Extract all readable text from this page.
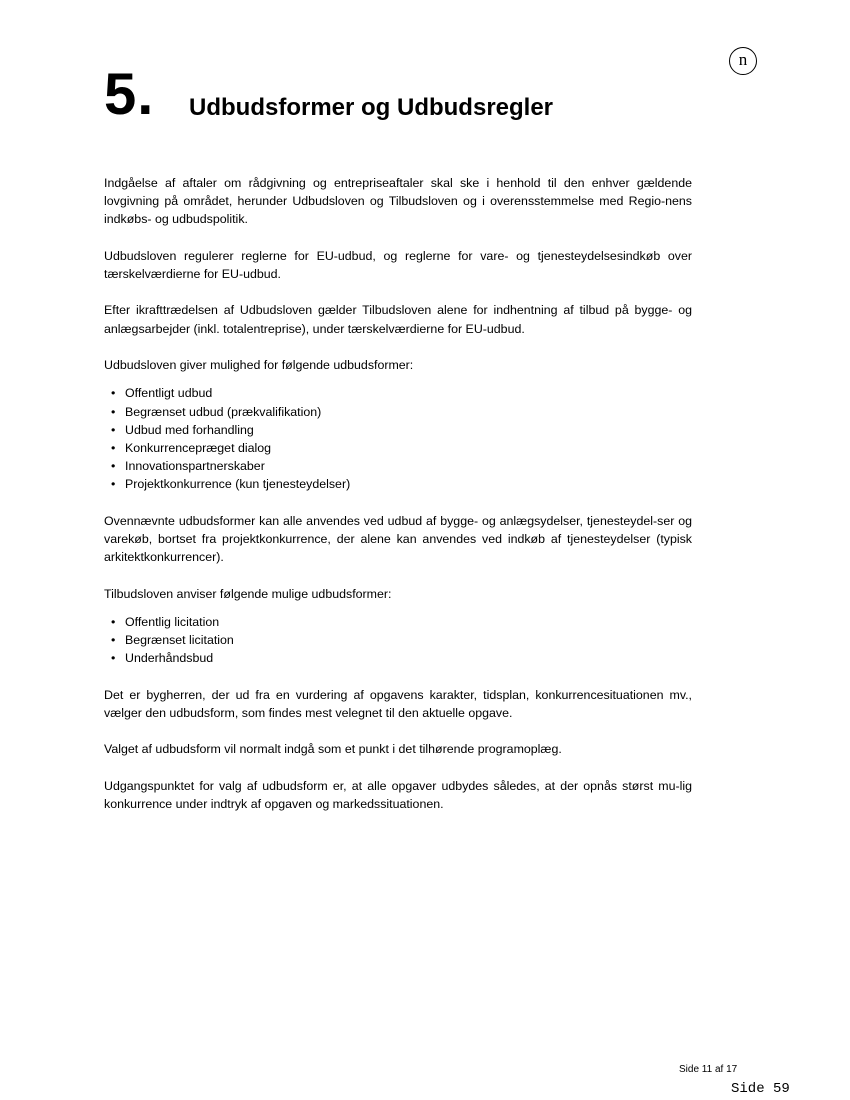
n
5. Udbudsformer og Udbudsregler

Indgåelse af aftaler om rådgivning og entrepriseaftaler skal ske i henhold til den enhver gældende lovgivning på området, herunder Udbudsloven og Tilbudsloven og i overensstemmelse med Regio-nens indkøbs- og udbudspolitik.

Udbudsloven regulerer reglerne for EU-udbud, og reglerne for vare- og tjenesteydelsesindkøb over tærskelværdierne for EU-udbud.

Efter ikrafttrædelsen af Udbudsloven gælder Tilbudsloven alene for indhentning af tilbud på bygge- og anlægsarbejder (inkl. totalentreprise), under tærskelværdierne for EU-udbud.

Udbudsloven giver mulighed for følgende udbudsformer:

• Offentligt udbud
• Begrænset udbud (prækvalifikation)
• Udbud med forhandling
• Konkurrencepræget dialog
• Innovationspartnerskaber
• Projektkonkurrence (kun tjenesteydelser)

Ovennævnte udbudsformer kan alle anvendes ved udbud af bygge- og anlægsydelser, tjenesteydel-ser og varekøb, bortset fra projektkonkurrence, der alene kan anvendes ved indkøb af tjenesteydelser (typisk arkitektkonkurrencer).

Tilbudsloven anviser følgende mulige udbudsformer:

• Offentlig licitation
• Begrænset licitation
• Underhåndsbud

Det er bygherren, der ud fra en vurdering af opgavens karakter, tidsplan, konkurrencesituationen mv., vælger den udbudsform, som findes mest velegnet til den aktuelle opgave.

Valget af udbudsform vil normalt indgå som et punkt i det tilhørende programoplæg.

Udgangspunktet for valg af udbudsform er, at alle opgaver udbydes således, at der opnås størst mu-lig konkurrence under indtryk af opgaven og markedssituationen.

Side 11 af 17
Side 59
